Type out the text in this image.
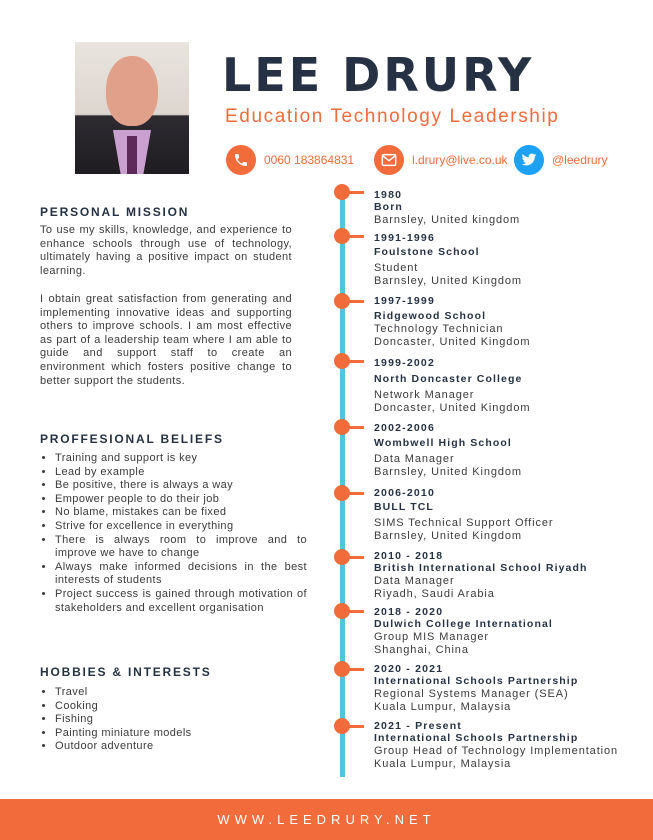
LEE DRURY
Education Technology Leadership
0060 183864831	l.drury@live.co.uk	@leedrury
PERSONAL MISSION

To use my skills, knowledge, and experience to enhance schools through use of technology, ultimately having a positive impact on student learning.

I obtain great satisfaction from generating and implementing innovative ideas and supporting others to improve schools. I am most effective as part of a leadership team where I am able to guide and support staff to create an environment which fosters positive change to better support the students.

PROFFESIONAL BELIEFS
• Training and support is key
• Lead by example
• Be positive, there is always a way
• Empower people to do their job
• No blame, mistakes can be fixed
• Strive for excellence in everything
• There is always room to improve and to improve we have to change
• Always make informed decisions in the best interests of students
• Project success is gained through motivation of stakeholders and excellent organisation
HOBBIES & INTERESTS
• Travel
• Cooking
• Fishing
• Painting miniature models
• Outdoor adventure
1980
Born
Barnsley, United kingdom
1991-1996
Foulstone School
Student
Barnsley, United Kingdom
1997-1999
Ridgewood School
Technology Technician
Doncaster, United Kingdom
1999-2002
North Doncaster College
Network Manager
Doncaster, United Kingdom
2002-2006
Wombwell High School
Data Manager
Barnsley, United Kingdom
2006-2010
BULL TCL
SIMS Technical Support Officer
Barnsley, United Kingdom
2010 - 2018
British International School Riyadh
Data Manager
Riyadh, Saudi Arabia
2018 - 2020
Dulwich College International
Group MIS Manager
Shanghai, China
2020 - 2021
International Schools Partnership
Regional Systems Manager (SEA)
Kuala Lumpur, Malaysia
2021 - Present
International Schools Partnership
Group Head of Technology Implementation
Kuala Lumpur, Malaysia
WWW.LEEDRURY.NET
